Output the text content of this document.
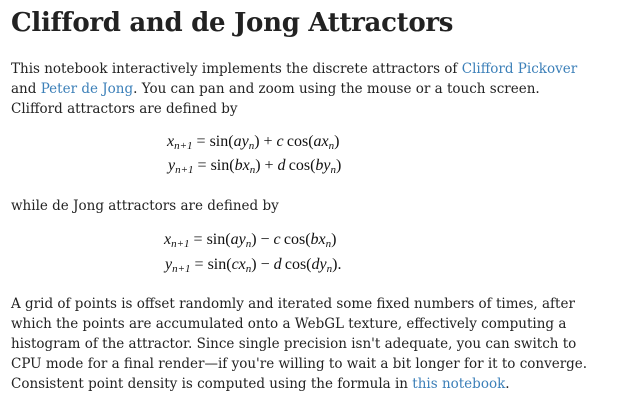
Clifford and de Jong Attractors
This notebook interactively implements the discrete attractors of Clifford Pickover
and Peter de Jong. You can pan and zoom using the mouse or a touch screen.
Clifford attractors are defined by
$x_{n+1} = \sin(ay_n) + c$  $\cos(ax_n)$
$y_{n+1} = \sin(bx_n) + d$  $\cos(by_n)$
while de Jong attractors are defined by
$x_{n+1} = \sin(ay_n) - c$  $\cos(bx_n)$
$y_{n+1} = \sin(cx_n) - d$  $\cos(dy_n)$.
A grid of points is offset randomly and iterated some fixed numbers of times, after
which the points are accumulated onto a WebGL texture, effectively computing a
histogram of the attractor. Since single precision isn't adequate, you can switch to
CPU mode for a final render—if you're willing to wait a bit longer for it to converge.
Consistent point density is computed using the formula in this notebook.
